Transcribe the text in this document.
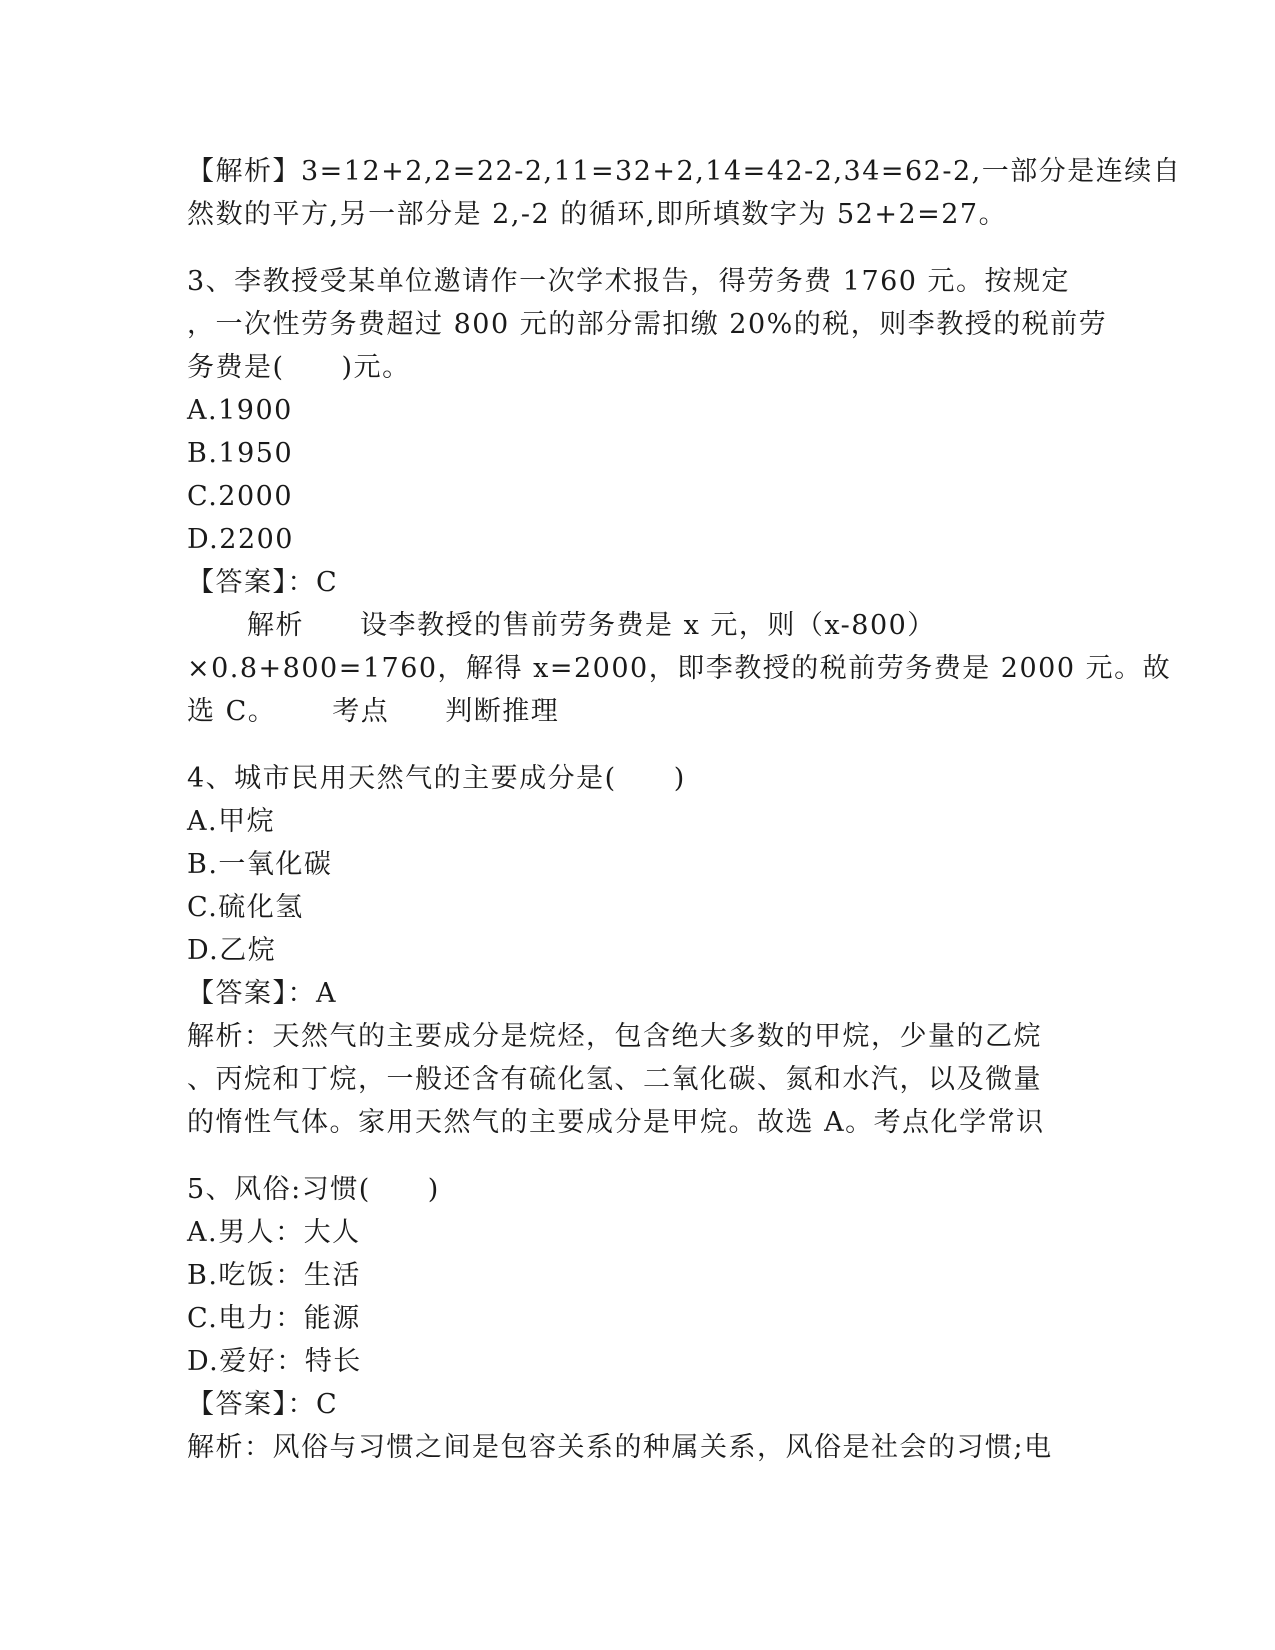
【解析】3=12+2,2=22-2,11=32+2,14=42-2,34=62-2,一部分是连续自
然数的平方,另一部分是 2,-2 的循环,即所填数字为 52+2=27。
3、李教授受某单位邀请作一次学术报告，得劳务费 1760 元。按规定
，一次性劳务费超过 800 元的部分需扣缴 20%的税，则李教授的税前劳
务费是(　　)元。
A.1900
B.1950
C.2000
D.2200
【答案】：C
解析 设李教授的售前劳务费是 x 元，则（x-800）
×0.8+800=1760，解得 x=2000，即李教授的税前劳务费是 2000 元。故
选 C。 考点 判断推理
4、城市民用天然气的主要成分是(　　)
A.甲烷
B.一氧化碳
C.硫化氢
D.乙烷
【答案】：A
解析：天然气的主要成分是烷烃，包含绝大多数的甲烷，少量的乙烷
、丙烷和丁烷，一般还含有硫化氢、二氧化碳、氮和水汽，以及微量
的惰性气体。家用天然气的主要成分是甲烷。故选 A。考点化学常识
5、风俗:习惯(　　)
A.男人：大人
B.吃饭：生活
C.电力：能源
D.爱好：特长
【答案】：C
解析：风俗与习惯之间是包容关系的种属关系，风俗是社会的习惯;电
